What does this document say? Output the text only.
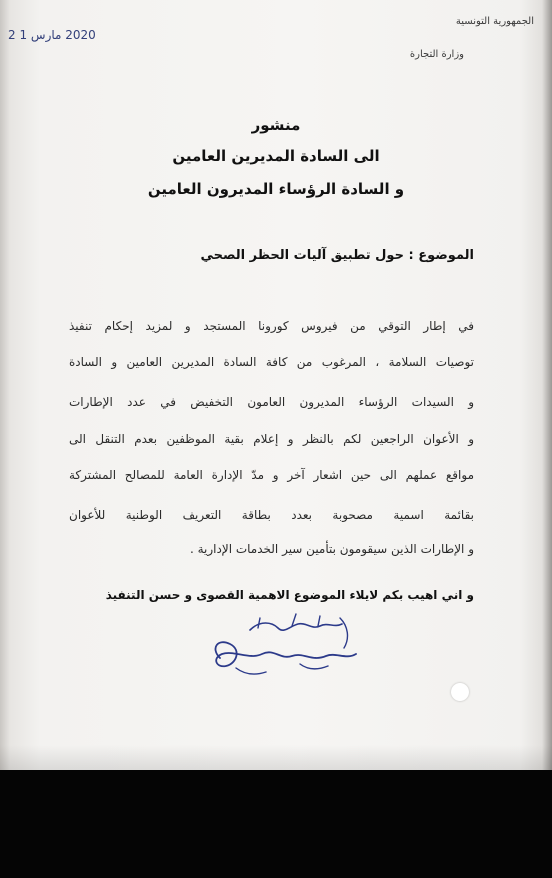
الجمهورية التونسية
وزارة التجارة
2020 مارس 1 2
منشور
الى السادة المديرين العامين
و السادة الرؤساء المديرون العامين
الموضوع : حول تطبيق آليات الحظر الصحي
في إطار التوقي من فيروس كورونا المستجد و لمزيد إحكام تنفيذ
توصيات السلامة ، المرغوب من كافة السادة المديرين العامين و السادة
و السيدات الرؤساء المديرون العامون التخفيض في عدد الإطارات
و الأعوان الراجعين لكم بالنظر و إعلام بقية الموظفين بعدم التنقل الى
مواقع عملهم الى حين اشعار آخر و مدّ الإدارة العامة للمصالح المشتركة
بقائمة اسمية مصحوبة بعدد بطاقة التعريف الوطنية للأعوان
و الإطارات الذين سيقومون بتأمين سير الخدمات الإدارية .
و اني اهيب بكم لايلاء الموضوع الاهمية القصوى و حسن التنفيذ
